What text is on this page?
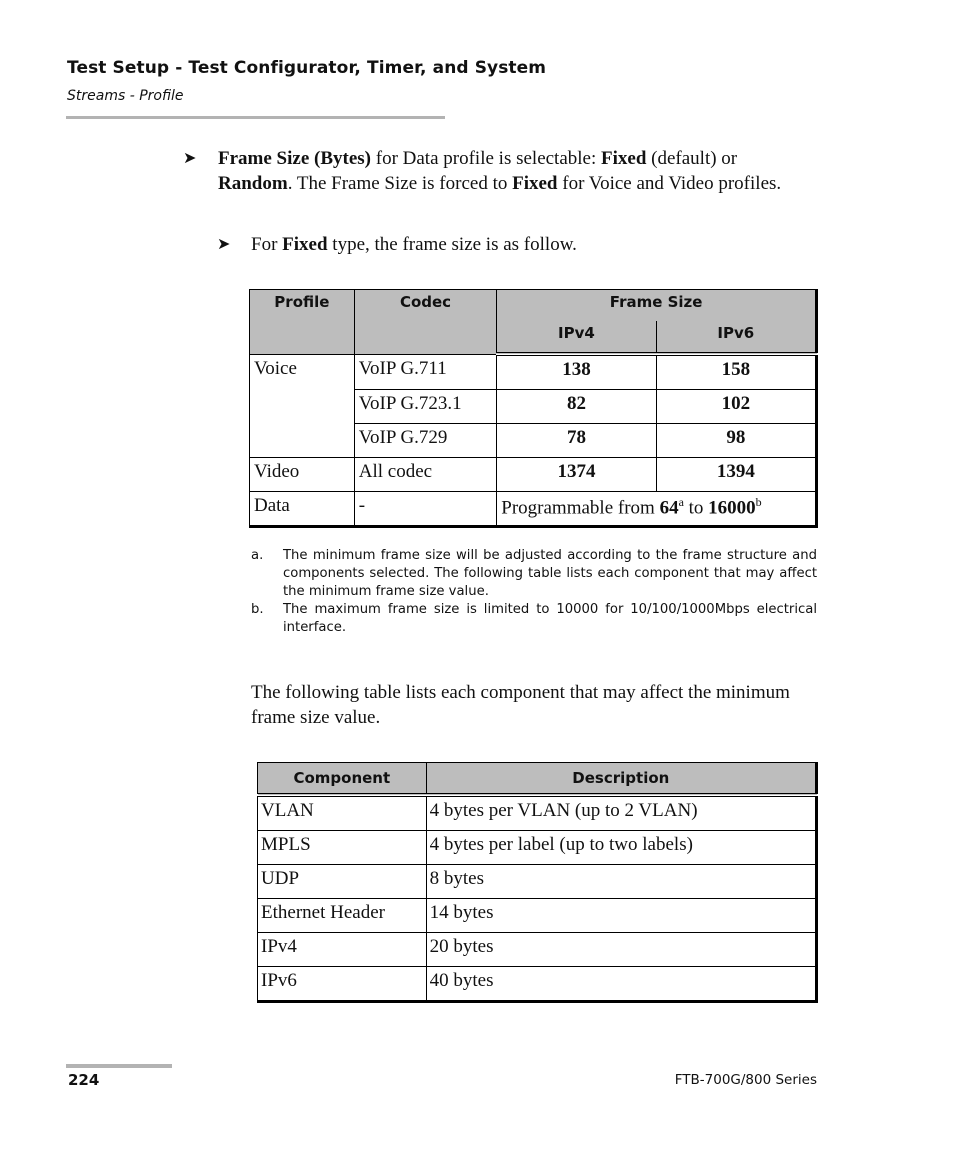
Test Setup - Test Configurator, Timer, and System
Streams - Profile
➤ Frame Size (Bytes) for Data profile is selectable: Fixed (default) or Random. The Frame Size is forced to Fixed for Voice and Video profiles.
➤ For Fixed type, the frame size is as follow.
Profile	Codec	Frame Size	
		IPv4	IPv6
Voice	VoIP G.711	138	158
	VoIP G.723.1	82	102
	VoIP G.729	78	98
Video	All codec	1374	1394
Data	-	Programmable from 64$^a$ to 16000$^b$
a.	The minimum frame size will be adjusted according to the frame structure and components selected. The following table lists each component that may affect the minimum frame size value.
b.	The maximum frame size is limited to 10000 for 10/100/1000Mbps electrical interface.
The following table lists each component that may affect the minimum frame size value.
Component	Description
VLAN	4 bytes per VLAN (up to 2 VLAN)
MPLS	4 bytes per label (up to two labels)
UDP	8 bytes
Ethernet Header	14 bytes
IPv4	20 bytes
IPv6	40 bytes
224	FTB-700G/800 Series
